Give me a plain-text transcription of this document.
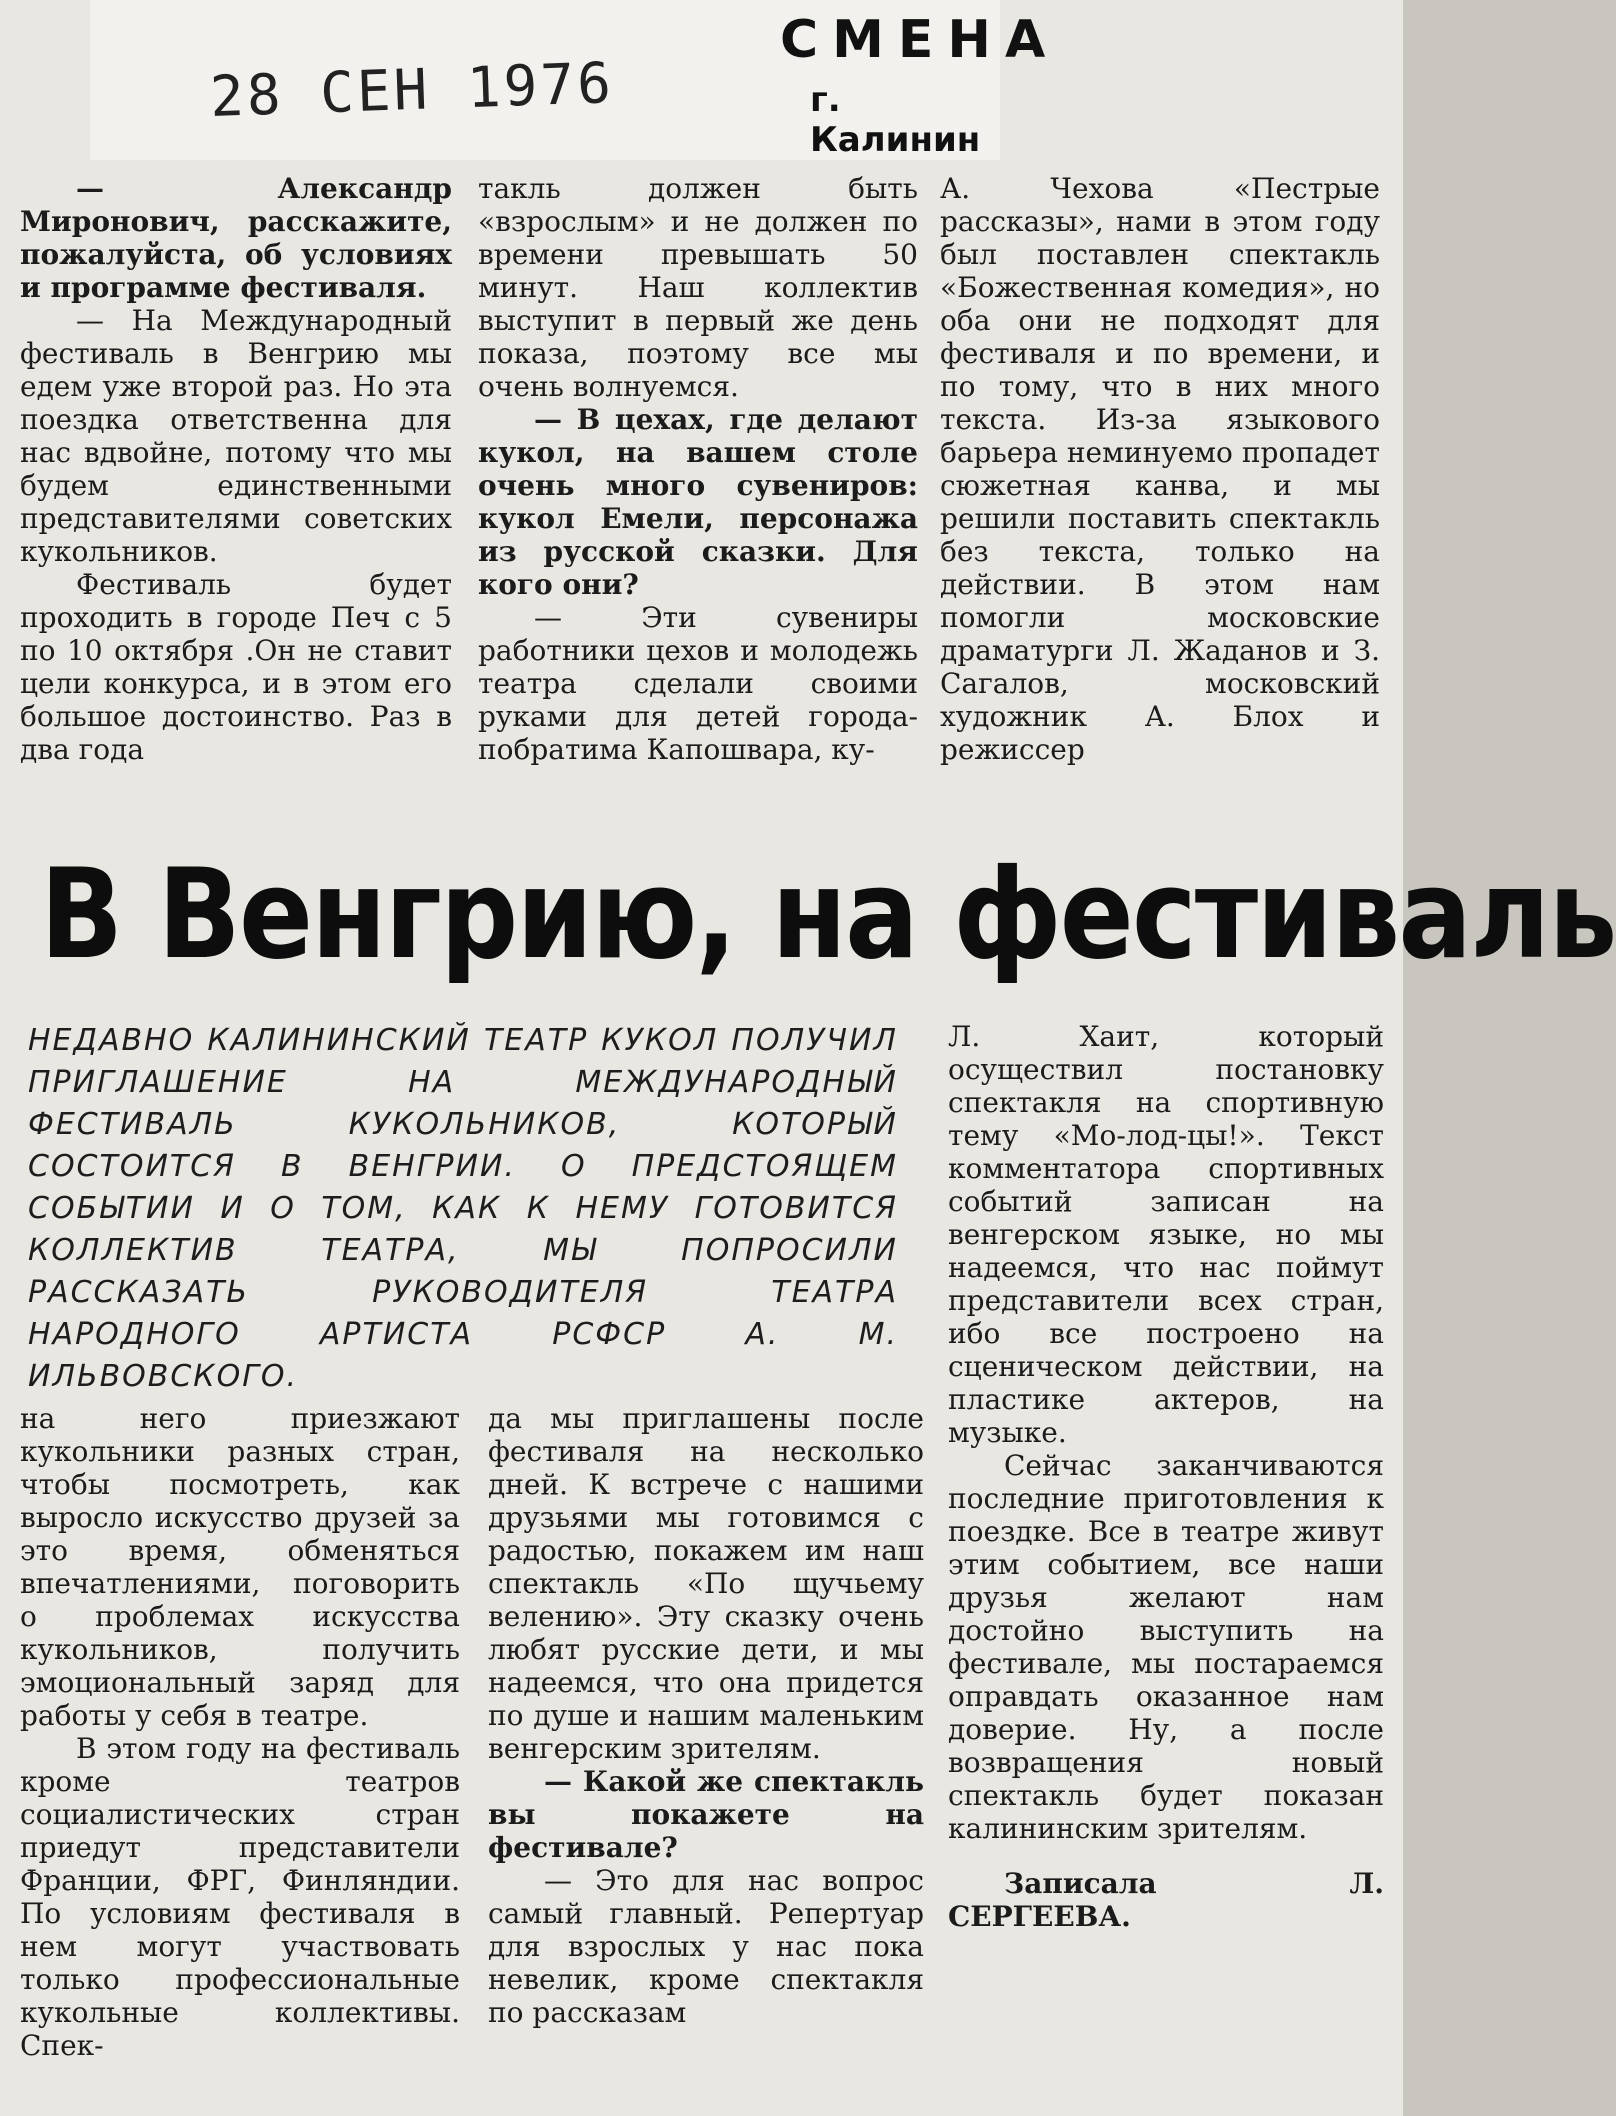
28 СЕН 1976
СМЕНА
г. Калинин

— Александр Миронович, расскажите, пожалуйста, об условиях и программе фестиваля.

— На Международный фестиваль в Венгрию мы едем уже второй раз. Но эта поездка ответственна для нас вдвойне, потому что мы будем единственными представителями советских кукольников.

Фестиваль будет проходить в городе Печ с 5 по 10 октября .Он не ставит цели конкурса, и в этом его большое достоинство. Раз в два года

такль должен быть «взрослым» и не должен по времени превышать 50 минут. Наш коллектив выступит в первый же день показа, поэтому все мы очень волнуемся.

— В цехах, где делают кукол, на вашем столе очень много сувениров: кукол Емели, персонажа из русской сказки. Для кого они?

— Эти сувениры работники цехов и молодежь театра сделали своими руками для детей города-побратима Капошвара, ку-

А. Чехова «Пестрые рассказы», нами в этом году был поставлен спектакль «Божественная комедия», но оба они не подходят для фестиваля и по времени, и по тому, что в них много текста. Из-за языкового барьера неминуемо пропадет сюжетная канва, и мы решили поставить спектакль без текста, только на действии. В этом нам помогли московские драматурги Л. Жаданов и З. Сагалов, московский художник А. Блох и режиссер

В Венгрию, на фестиваль
НЕДАВНО КАЛИНИНСКИЙ ТЕАТР КУКОЛ ПОЛУЧИЛ ПРИГЛАШЕНИЕ НА МЕЖДУНАРОДНЫЙ ФЕСТИВАЛЬ КУКОЛЬНИКОВ, КОТОРЫЙ СОСТОИТСЯ В ВЕНГРИИ. О ПРЕДСТОЯЩЕМ СОБЫТИИ И О ТОМ, КАК К НЕМУ ГОТОВИТСЯ КОЛЛЕКТИВ ТЕАТРА, МЫ ПОПРОСИЛИ РАССКАЗАТЬ РУКОВОДИТЕЛЯ ТЕАТРА НАРОДНОГО АРТИСТА РСФСР А. М. ИЛЬВОВСКОГО.

на него приезжают кукольники разных стран, чтобы посмотреть, как выросло искусство друзей за это время, обменяться впечатлениями, поговорить о проблемах искусства кукольников, получить эмоциональный заряд для работы у себя в театре.

В этом году на фестиваль кроме театров социалистических стран приедут представители Франции, ФРГ, Финляндии. По условиям фестиваля в нем могут участвовать только профессиональные кукольные коллективы. Спек-

да мы приглашены после фестиваля на несколько дней. К встрече с нашими друзьями мы готовимся с радостью, покажем им наш спектакль «По щучьему велению». Эту сказку очень любят русские дети, и мы надеемся, что она придется по душе и нашим маленьким венгерским зрителям.

— Какой же спектакль вы покажете на фестивале?

— Это для нас вопрос самый главный. Репертуар для взрослых у нас пока невелик, кроме спектакля по рассказам

Л. Хаит, который осуществил постановку спектакля на спортивную тему «Мо-лод-цы!». Текст комментатора спортивных событий записан на венгерском языке, но мы надеемся, что нас поймут представители всех стран, ибо все построено на сценическом действии, на пластике актеров, на музыке.

Сейчас заканчиваются последние приготовления к поездке. Все в театре живут этим событием, все наши друзья желают нам достойно выступить на фестивале, мы постараемся оправдать оказанное нам доверие. Ну, а после возвращения новый спектакль будет показан калининским зрителям.

Записала Л. СЕРГЕЕВА.
